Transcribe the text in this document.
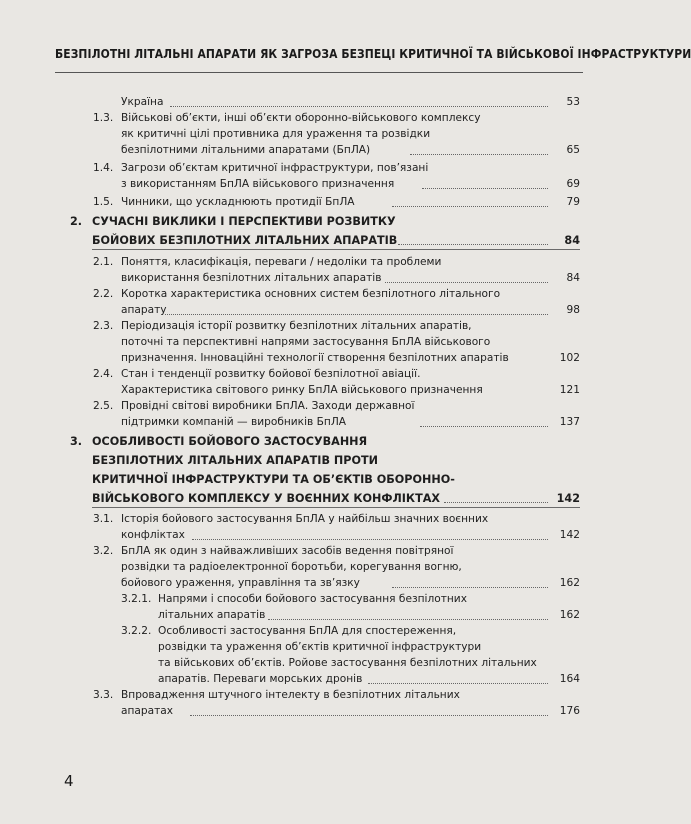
БЕЗПІЛОТНІ ЛІТАЛЬНІ АПАРАТИ ЯК ЗАГРОЗА БЕЗПЕЦІ КРИТИЧНОЇ ТА ВІЙСЬКОВОЇ ІНФРАСТРУКТУРИ
Україна	53
1.3. Військові об’єкти, інші об’єкти оборонно-військового комплексу
як критичні цілі противника для ураження та розвідки
безпілотними літальними апаратами (БпЛА)	65
1.4. Загрози об’єктам критичної інфраструктури, пов’язані
з використанням БпЛА військового призначення	69
1.5. Чинники, що ускладнюють протидії БпЛА	79
2. СУЧАСНІ ВИКЛИКИ І ПЕРСПЕКТИВИ РОЗВИТКУ
БОЙОВИХ БЕЗПІЛОТНИХ ЛІТАЛЬНИХ АПАРАТІВ	84
2.1. Поняття, класифікація, переваги / недоліки та проблеми
використання безпілотних літальних апаратів	84
2.2. Коротка характеристика основних систем безпілотного літального
апарату	98
2.3. Періодизація історії розвитку безпілотних літальних апаратів,
поточні та перспективні напрями застосування БпЛА військового
призначення. Інноваційні технології створення безпілотних апаратів	102
2.4. Стан і тенденції розвитку бойової безпілотної авіації.
Характеристика світового ринку БпЛА військового призначення	121
2.5. Провідні світові виробники БпЛА. Заходи державної
підтримки компаній — виробників БпЛА	137
3. ОСОБЛИВОСТІ БОЙОВОГО ЗАСТОСУВАННЯ
БЕЗПІЛОТНИХ ЛІТАЛЬНИХ АПАРАТІВ ПРОТИ
КРИТИЧНОЇ ІНФРАСТРУКТУРИ ТА ОБ’ЄКТІВ ОБОРОННО-
ВІЙСЬКОВОГО КОМПЛЕКСУ У ВОЄННИХ КОНФЛІКТАХ	142
3.1. Історія бойового застосування БпЛА у найбільш значних воєнних
конфліктах	142
3.2. БпЛА як один з найважливіших засобів ведення повітряної
розвідки та радіоелектронної боротьби, корегування вогню,
бойового ураження, управління та зв’язку	162
3.2.1. Напрями і способи бойового застосування безпілотних
літальних апаратів	162
3.2.2. Особливості застосування БпЛА для спостереження,
розвідки та ураження об’єктів критичної інфраструктури
та військових об’єктів. Ройове застосування безпілотних літальних
апаратів. Переваги морських дронів	164
3.3. Впровадження штучного інтелекту в безпілотних літальних
апаратах	176
4
